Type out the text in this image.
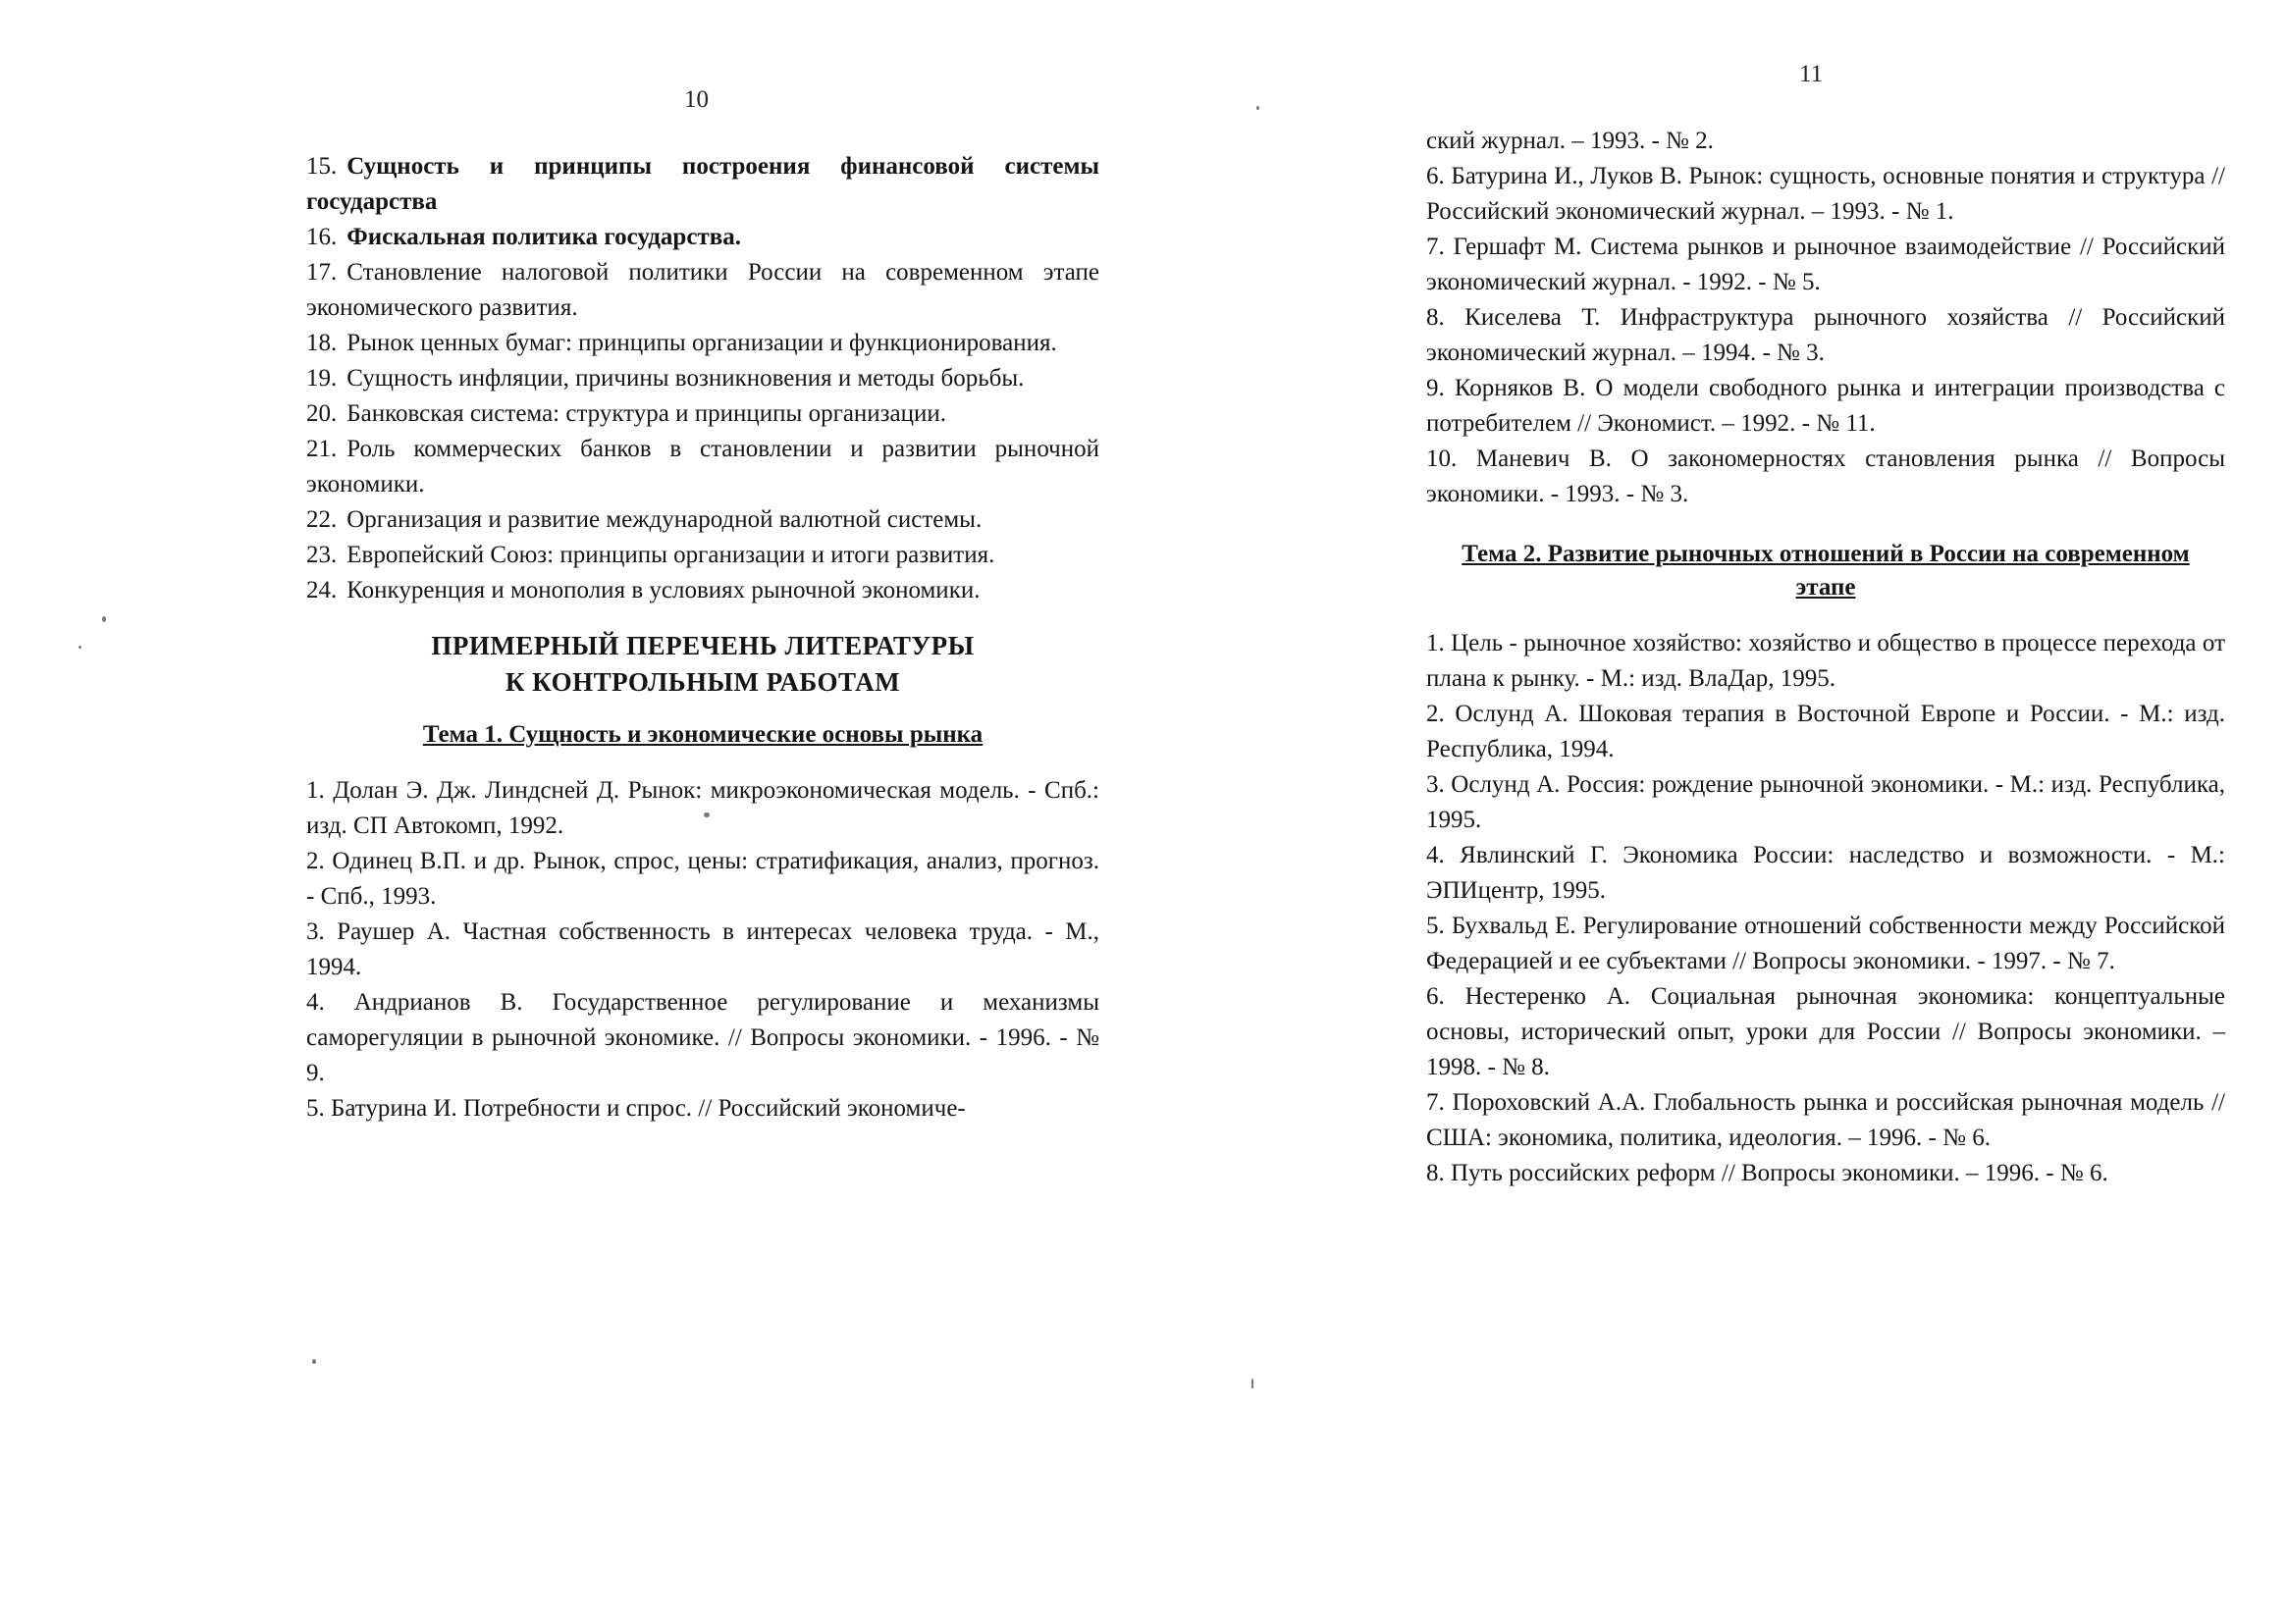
10

15. Сущность и принципы построения финансовой системы государства

16. Фискальная политика государства.

17. Становление налоговой политики России на современном этапе экономического развития.

18. Рынок ценных бумаг: принципы организации и функционирования.

19. Сущность инфляции, причины возникновения и методы борьбы.

20. Банковская система: структура и принципы организации.

21. Роль коммерческих банков в становлении и развитии рыночной экономики.

22. Организация и развитие международной валютной системы.

23. Европейский Союз: принципы организации и итоги развития.

24. Конкуренция и монополия в условиях рыночной экономики.

ПРИМЕРНЫЙ ПЕРЕЧЕНЬ ЛИТЕРАТУРЫ
К КОНТРОЛЬНЫМ РАБОТАМ
Тема 1. Сущность и экономические основы рынка

1. Долан Э. Дж. Линдсней Д. Рынок: микроэкономическая модель. - Спб.: изд. СП Автокомп, 1992.

2. Одинец В.П. и др. Рынок, спрос, цены: стратификация, анализ, прогноз. - Спб., 1993.

3. Раушер А. Частная собственность в интересах человека труда. - М., 1994.

4. Андрианов В. Государственное регулирование и механизмы саморегуляции в рыночной экономике. // Вопросы экономики. - 1996. - № 9.

5. Батурина И. Потребности и спрос. // Российский экономиче-

11

ский журнал. – 1993. - № 2.

6. Батурина И., Луков В. Рынок: сущность, основные понятия и структура // Российский экономический журнал. – 1993. - № 1.

7. Гершафт М. Система рынков и рыночное взаимодействие // Российский экономический журнал. - 1992. - № 5.

8. Киселева Т. Инфраструктура рыночного хозяйства // Российский экономический журнал. – 1994. - № 3.

9. Корняков В. О модели свободного рынка и интеграции производства с потребителем // Экономист. – 1992. - № 11.

10. Маневич В. О закономерностях становления рынка // Вопросы экономики. - 1993. - № 3.

Тема 2. Развитие рыночных отношений в России на современном этапе

1. Цель - рыночное хозяйство: хозяйство и общество в процессе перехода от плана к рынку. - М.: изд. ВлаДар, 1995.

2. Ослунд А. Шоковая терапия в Восточной Европе и России. - М.: изд. Республика, 1994.

3. Ослунд А. Россия: рождение рыночной экономики. - М.: изд. Республика, 1995.

4. Явлинский Г. Экономика России: наследство и возможности. - М.: ЭПИцентр, 1995.

5. Бухвальд Е. Регулирование отношений собственности между Российской Федерацией и ее субъектами // Вопросы экономики. - 1997. - № 7.

6. Нестеренко А. Социальная рыночная экономика: концептуальные основы, исторический опыт, уроки для России // Вопросы экономики. – 1998. - № 8.

7. Пороховский А.А. Глобальность рынка и российская рыночная модель // США: экономика, политика, идеология. – 1996. - № 6.

8. Путь российских реформ // Вопросы экономики. – 1996. - № 6.
